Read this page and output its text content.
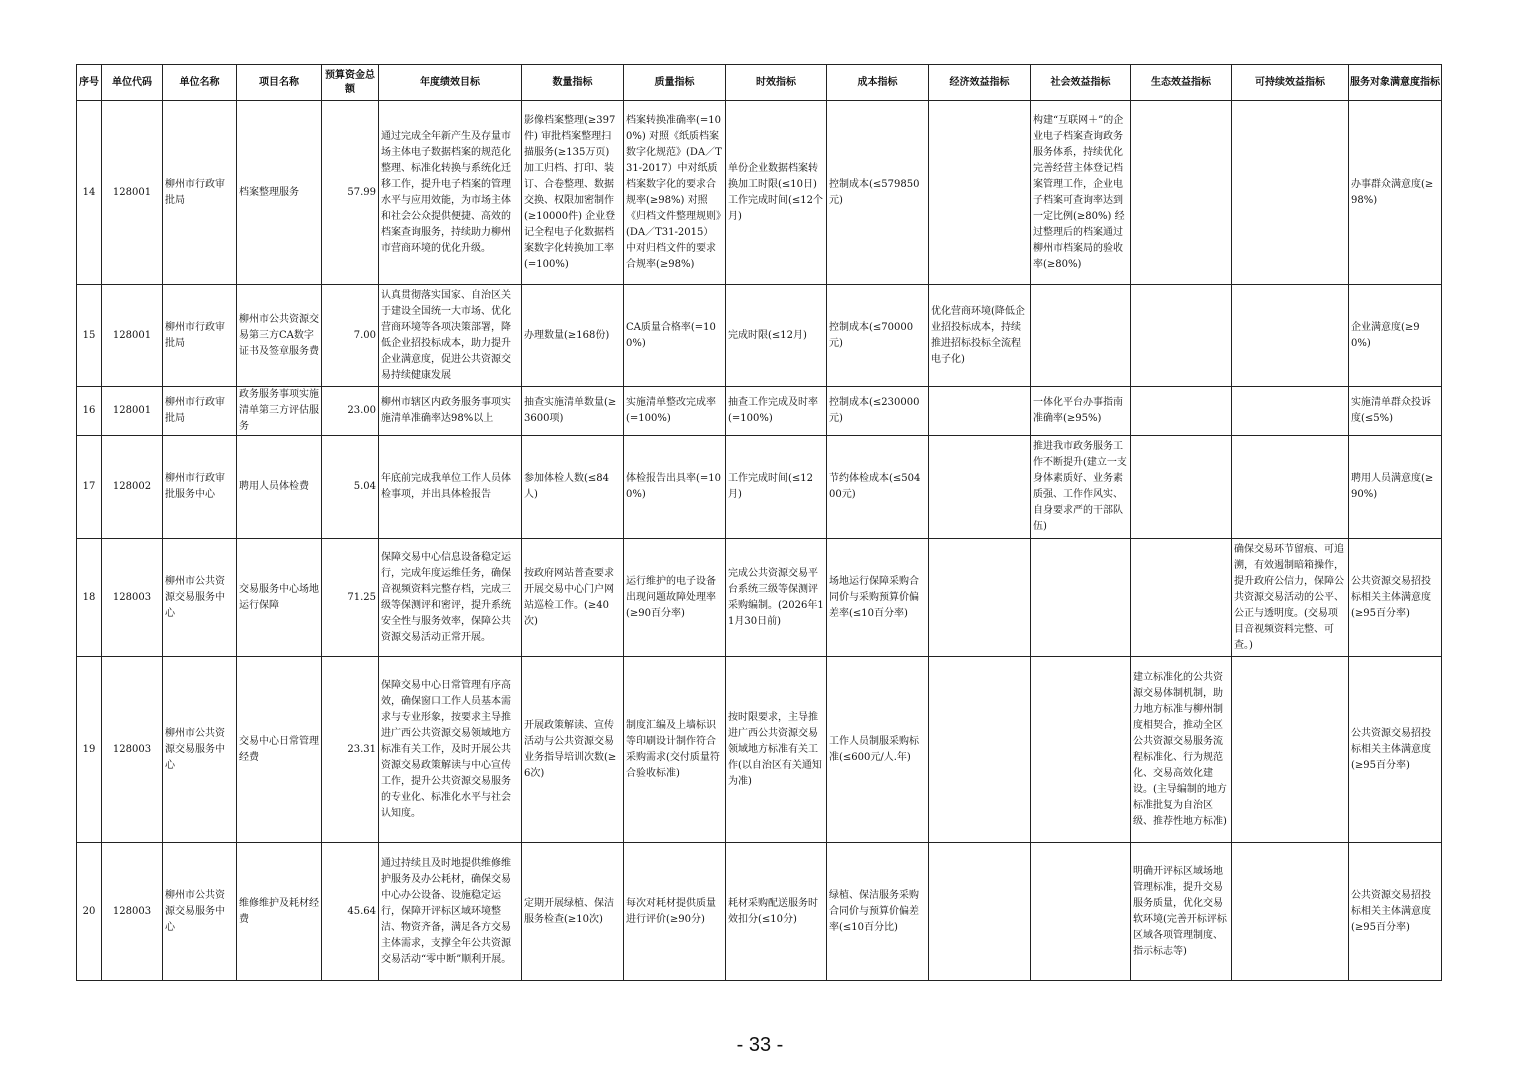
序号	单位代码	单位名称	项目名称	预算资金总额	年度绩效目标	数量指标	质量指标	时效指标	成本指标	经济效益指标	社会效益指标	生态效益指标	可持续效益指标	服务对象满意度指标
14	128001	柳州市行政审批局	档案整理服务	57.99	通过完成全年新产生及存量市场主体电子数据档案的规范化整理、标准化转换与系统化迁移工作，提升电子档案的管理水平与应用效能，为市场主体和社会公众提供便捷、高效的档案查询服务，持续助力柳州市营商环境的优化升级。	影像档案整理(≥397件) 审批档案整理扫描服务(≥135万页) 加工归档、打印、装订、合卷整理、数据交换、权限加密制作(≥10000件) 企业登记全程电子化数据档案数字化转换加工率(=100%)	档案转换准确率(=100%) 对照《纸质档案数字化规范》(DA／T31-2017）中对纸质档案数字化的要求合规率(≥98%) 对照《归档文件整理规则》(DA／T31-2015）中对归档文件的要求合规率(≥98%)	单份企业数据档案转换加工时限(≤10日) 工作完成时间(≤12个月)	控制成本(≤579850元)		构建“互联网＋”的企业电子档案查询政务服务体系，持续优化完善经营主体登记档案管理工作，企业电子档案可查询率达到一定比例(≥80%) 经过整理后的档案通过柳州市档案局的验收率(≥80%)			办事群众满意度(≥98%)
15	128001	柳州市行政审批局	柳州市公共资源交易第三方CA数字证书及签章服务费	7.00	认真贯彻落实国家、自治区关于建设全国统一大市场、优化营商环境等各项决策部署，降低企业招投标成本，助力提升企业满意度，促进公共资源交易持续健康发展	办理数量(≥168份)	CA质量合格率(=100%)	完成时限(≤12月)	控制成本(≤70000元)	优化营商环境(降低企业招投标成本，持续推进招标投标全流程电子化)				企业满意度(≥90%)
16	128001	柳州市行政审批局	政务服务事项实施清单第三方评估服务	23.00	柳州市辖区内政务服务事项实施清单准确率达98%以上	抽查实施清单数量(≥3600项)	实施清单整改完成率(=100%)	抽查工作完成及时率(=100%)	控制成本(≤230000元)		一体化平台办事指南准确率(≥95%)			实施清单群众投诉度(≤5%)
17	128002	柳州市行政审批服务中心	聘用人员体检费	5.04	年底前完成我单位工作人员体检事项，并出具体检报告	参加体检人数(≤84人)	体检报告出具率(=100%)	工作完成时间(≤12月)	节约体检成本(≤50400元)		推进我市政务服务工作不断提升(建立一支身体素质好、业务素质强、工作作风实、自身要求严的干部队伍)			聘用人员满意度(≥90%)
18	128003	柳州市公共资源交易服务中心	交易服务中心场地运行保障	71.25	保障交易中心信息设备稳定运行，完成年度运维任务，确保音视频资料完整存档，完成三级等保测评和密评，提升系统安全性与服务效率，保障公共资源交易活动正常开展。	按政府网站普查要求开展交易中心门户网站巡检工作。(≥40次)	运行维护的电子设备出现问题故障处理率(≥90百分率)	完成公共资源交易平台系统三级等保测评采购编制。(2026年11月30日前)	场地运行保障采购合同价与采购预算价偏差率(≤10百分率)				确保交易环节留痕、可追溯，有效遏制暗箱操作，提升政府公信力，保障公共资源交易活动的公平、公正与透明度。(交易项目音视频资料完整、可查。)	公共资源交易招投标相关主体满意度(≥95百分率)
19	128003	柳州市公共资源交易服务中心	交易中心日常管理经费	23.31	保障交易中心日常管理有序高效，确保窗口工作人员基本需求与专业形象，按要求主导推进广西公共资源交易领域地方标准有关工作，及时开展公共资源交易政策解读与中心宣传工作，提升公共资源交易服务的专业化、标准化水平与社会认知度。	开展政策解读、宣传活动与公共资源交易业务指导培训次数(≥6次)	制度汇编及上墙标识等印刷设计制作符合采购需求(交付质量符合验收标准)	按时限要求，主导推进广西公共资源交易领域地方标准有关工作(以自治区有关通知为准)	工作人员制服采购标准(≤600元/人.年)			建立标准化的公共资源交易体制机制，助力地方标准与柳州制度相契合，推动全区公共资源交易服务流程标准化、行为规范化、交易高效化建设。(主导编制的地方标准批复为自治区级、推荐性地方标准)		公共资源交易招投标相关主体满意度(≥95百分率)
20	128003	柳州市公共资源交易服务中心	维修维护及耗材经费	45.64	通过持续且及时地提供维修维护服务及办公耗材，确保交易中心办公设备、设施稳定运行，保障开评标区域环境整洁、物资齐备，满足各方交易主体需求，支撑全年公共资源交易活动“零中断”顺利开展。	定期开展绿植、保洁服务检查(≥10次)	每次对耗材提供质量进行评价(≥90分)	耗材采购配送服务时效扣分(≤10分)	绿植、保洁服务采购合同价与预算价偏差率(≤10百分比)			明确开评标区域场地管理标准，提升交易服务质量，优化交易软环境(完善开标评标区域各项管理制度、指示标志等)		公共资源交易招投标相关主体满意度(≥95百分率)
- 33 -
